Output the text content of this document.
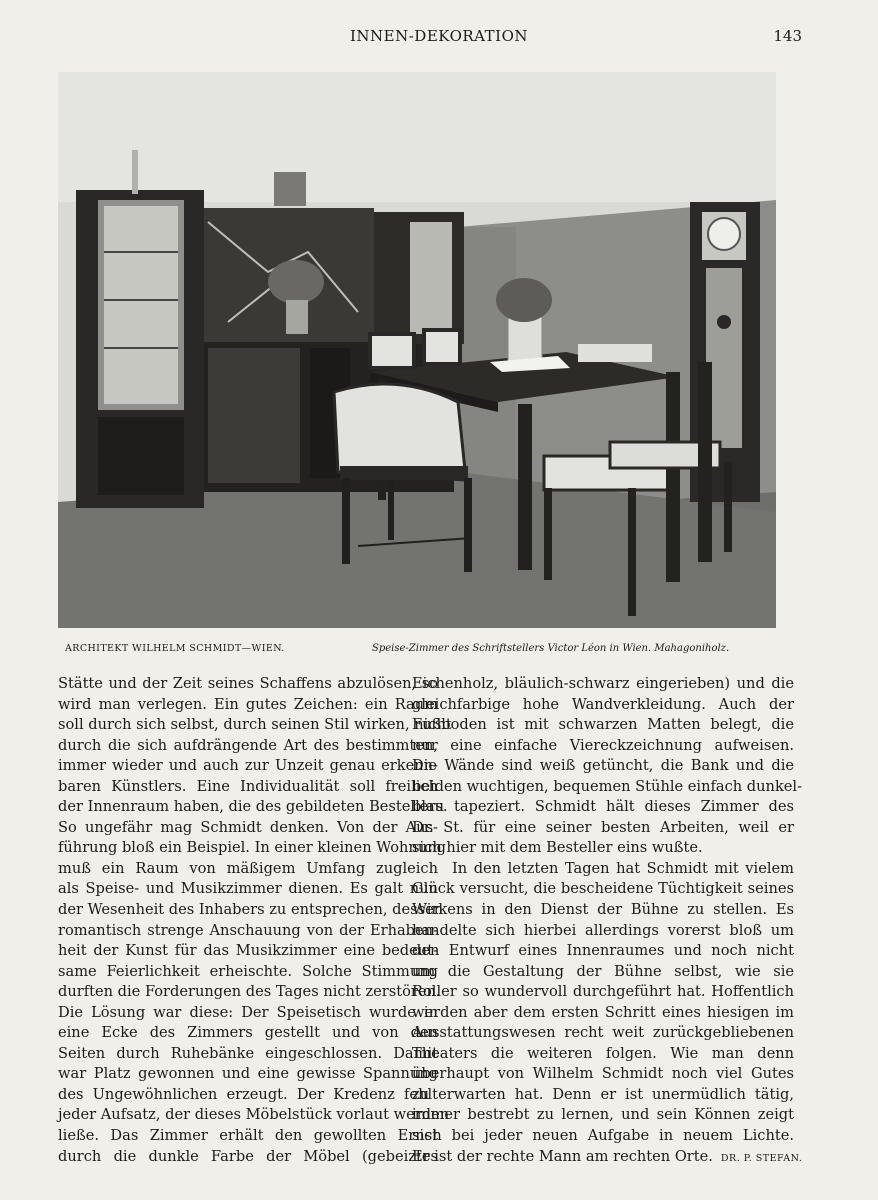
INNEN-DEKORATION	143
ARCHITEKT WILHELM SCHMIDT—WIEN.	Speise-Zimmer des Schriftstellers Victor Léon in Wien. Mahagoniholz.
Stätte und der Zeit seines Schaffens abzulösen, so
wird man verlegen. Ein gutes Zeichen: ein Raum
soll durch sich selbst, durch seinen Stil wirken, nicht
durch die sich aufdrängende Art des bestimmten,
immer wieder und auch zur Unzeit genau erkenn-
baren Künstlers. Eine Individualität soll freilich
der Innenraum haben, die des gebildeten Bestellers.
So ungefähr mag Schmidt denken. Von der Aus-
führung bloß ein Beispiel. In einer kleinen Wohnung
muß ein Raum von mäßigem Umfang zugleich
als Speise- und Musikzimmer dienen. Es galt nun
der Wesenheit des Inhabers zu entsprechen, dessen
romantisch strenge Anschauung von der Erhaben-
heit der Kunst für das Musikzimmer eine bedeut-
same Feierlichkeit erheischte. Solche Stimmung
durften die Forderungen des Tages nicht zerstören.
Die Lösung war diese: Der Speisetisch wurde in
eine Ecke des Zimmers gestellt und von den
Seiten durch Ruhebänke eingeschlossen. Damit
war Platz gewonnen und eine gewisse Spannung
des Ungewöhnlichen erzeugt. Der Kredenz fehlt
jeder Aufsatz, der dieses Möbelstück vorlaut werden
ließe. Das Zimmer erhält den gewollten Ernst
durch die dunkle Farbe der Möbel (gebeiztes
Eichenholz, bläulich-schwarz eingerieben) und die
gleichfarbige hohe Wandverkleidung. Auch der
Fußboden ist mit schwarzen Matten belegt, die
nur eine einfache Viereckzeichnung aufweisen.
Die Wände sind weiß getüncht, die Bank und die
beiden wuchtigen, bequemen Stühle einfach dunkel-
blau tapeziert. Schmidt hält dieses Zimmer des
Dr. St. für eine seiner besten Arbeiten, weil er
sich hier mit dem Besteller eins wußte.
In den letzten Tagen hat Schmidt mit vielem
Glück versucht, die bescheidene Tüchtigkeit seines
Wirkens in den Dienst der Bühne zu stellen. Es
handelte sich hierbei allerdings vorerst bloß um
den Entwurf eines Innenraumes und noch nicht
um die Gestaltung der Bühne selbst, wie sie
Roller so wundervoll durchgeführt hat. Hoffentlich
werden aber dem ersten Schritt eines hiesigen im
Ausstattungswesen recht weit zurückgebliebenen
Theaters die weiteren folgen. Wie man denn
überhaupt von Wilhelm Schmidt noch viel Gutes
zu erwarten hat. Denn er ist unermüdlich tätig,
immer bestrebt zu lernen, und sein Können zeigt
sich bei jeder neuen Aufgabe in neuem Lichte.
Er ist der rechte Mann am rechten Orte. DR. P. STEFAN.
